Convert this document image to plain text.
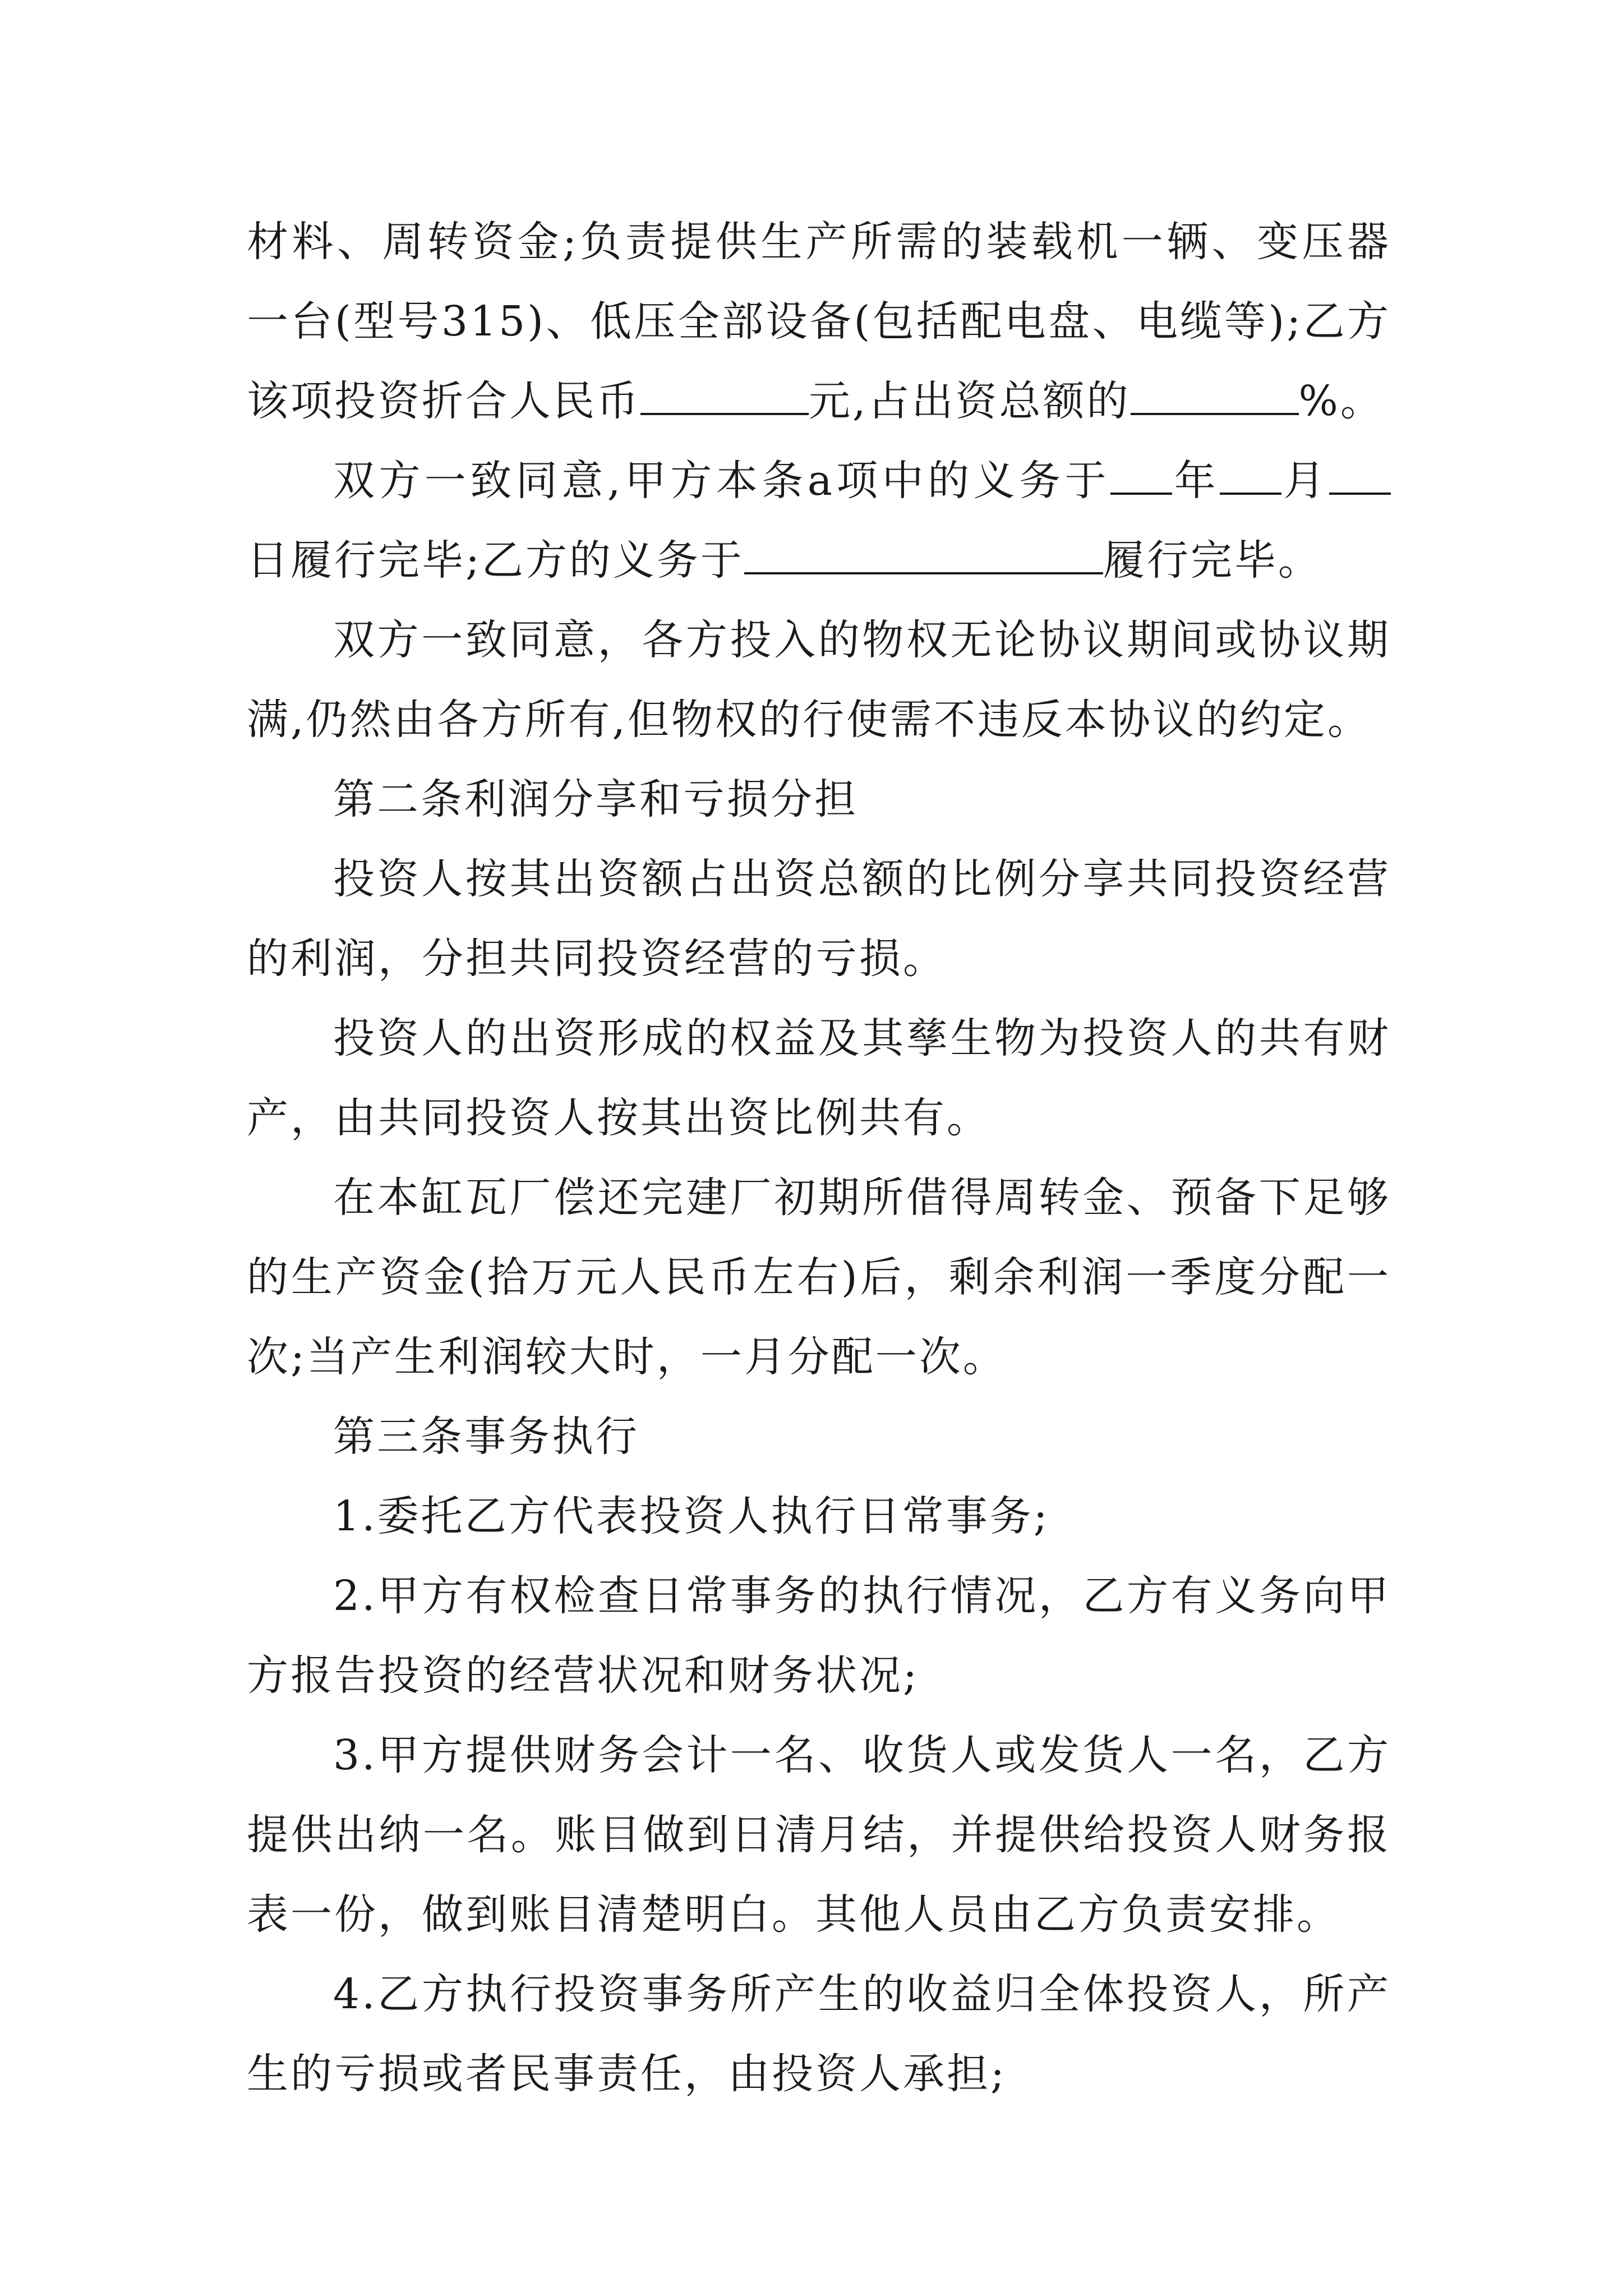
材料、周转资金;负责提供生产所需的装载机一辆、变压器一台(型号315)、低压全部设备(包括配电盘、电缆等);乙方该项投资折合人民币	元,占出资总额的	%。

双方一致同意,甲方本条a项中的义务于 年 月日履行完毕;乙方的义务于	履行完毕。

双方一致同意，各方投入的物权无论协议期间或协议期满,仍然由各方所有,但物权的行使需不违反本协议的约定。

第二条利润分享和亏损分担

投资人按其出资额占出资总额的比例分享共同投资经营的利润，分担共同投资经营的亏损。

投资人的出资形成的权益及其孳生物为投资人的共有财产，由共同投资人按其出资比例共有。

在本缸瓦厂偿还完建厂初期所借得周转金、预备下足够的生产资金(拾万元人民币左右)后，剩余利润一季度分配一次;当产生利润较大时，一月分配一次。

第三条事务执行

1.委托乙方代表投资人执行日常事务;

2.甲方有权检查日常事务的执行情况，乙方有义务向甲方报告投资的经营状况和财务状况;

3.甲方提供财务会计一名、收货人或发货人一名，乙方提供出纳一名。账目做到日清月结，并提供给投资人财务报表一份，做到账目清楚明白。其他人员由乙方负责安排。

4.乙方执行投资事务所产生的收益归全体投资人，所产生的亏损或者民事责任，由投资人承担;
